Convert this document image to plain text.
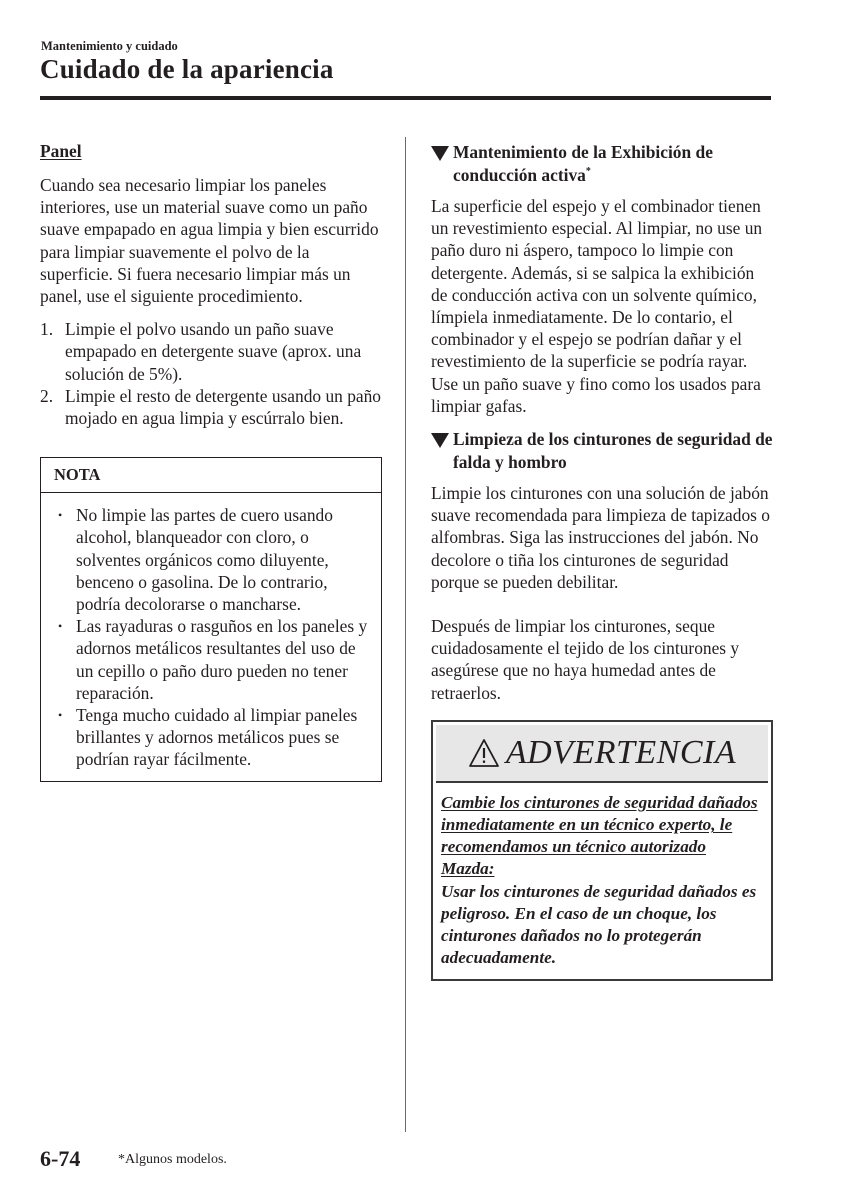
Mantenimiento y cuidado
Cuidado de la apariencia
Panel

Cuando sea necesario limpiar los paneles interiores, use un material suave como un paño suave empapado en agua limpia y bien escurrido para limpiar suavemente el polvo de la superficie. Si fuera necesario limpiar más un panel, use el siguiente procedimiento.

1. Limpie el polvo usando un paño suave empapado en detergente suave (aprox. una solución de 5%).
2. Limpie el resto de detergente usando un paño mojado en agua limpia y escúrralo bien.
NOTA
• No limpie las partes de cuero usando alcohol, blanqueador con cloro, o solventes orgánicos como diluyente, benceno o gasolina. De lo contrario, podría decolorarse o mancharse.
• Las rayaduras o rasguños en los paneles y adornos metálicos resultantes del uso de un cepillo o paño duro pueden no tener reparación.
• Tenga mucho cuidado al limpiar paneles brillantes y adornos metálicos pues se podrían rayar fácilmente.
Mantenimiento de la Exhibición de conducción activa*

La superficie del espejo y el combinador tienen un revestimiento especial. Al limpiar, no use un paño duro ni áspero, tampoco lo limpie con detergente. Además, si se salpica la exhibición de conducción activa con un solvente químico, límpiela inmediatamente. De lo contario, el combinador y el espejo se podrían dañar y el revestimiento de la superficie se podría rayar. Use un paño suave y fino como los usados para limpiar gafas.

Limpieza de los cinturones de seguridad de falda y hombro

Limpie los cinturones con una solución de jabón suave recomendada para limpieza de tapizados o alfombras. Siga las instrucciones del jabón. No decolore o tiña los cinturones de seguridad porque se pueden debilitar.

Después de limpiar los cinturones, seque cuidadosamente el tejido de los cinturones y asegúrese que no haya humedad antes de retraerlos.

ADVERTENCIA
Cambie los cinturones de seguridad dañados inmediatamente en un técnico experto, le recomendamos un técnico autorizado Mazda:
Usar los cinturones de seguridad dañados es peligroso. En el caso de un choque, los cinturones dañados no lo protegerán adecuadamente.
6-74	*Algunos modelos.
